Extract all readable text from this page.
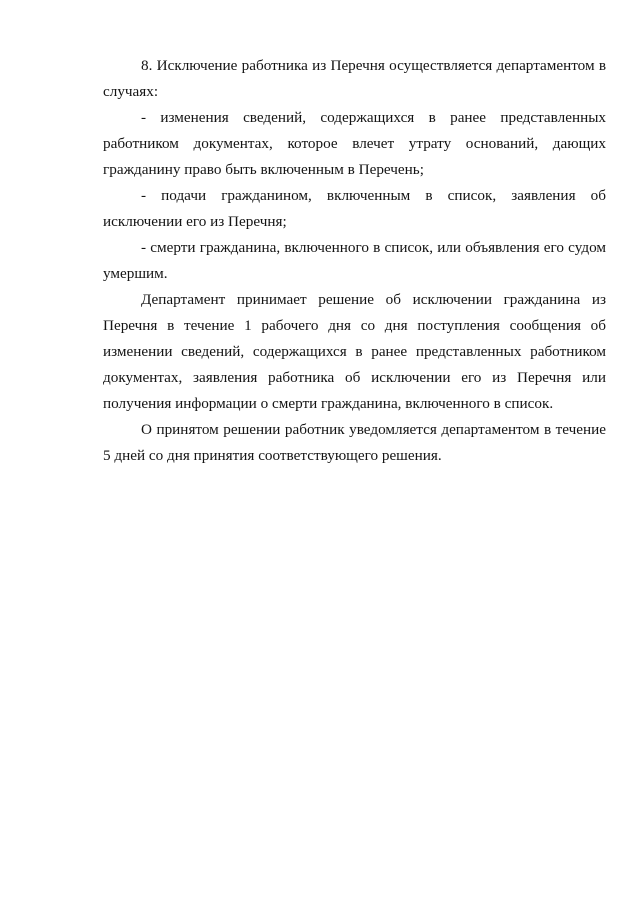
8. Исключение работника из Перечня осуществляется департаментом в случаях:

- изменения сведений, содержащихся в ранее представленных работником документах, которое влечет утрату оснований, дающих гражданину право быть включенным в Перечень;

- подачи гражданином, включенным в список, заявления об исключении его из Перечня;

- смерти гражданина, включенного в список, или объявления его судом умершим.

Департамент принимает решение об исключении гражданина из Перечня в течение 1 рабочего дня со дня поступления сообщения об изменении сведений, содержащихся в ранее представленных работником документах, заявления работника об исключении его из Перечня или получения информации о смерти гражданина, включенного в список.

О принятом решении работник уведомляется департаментом в течение 5 дней со дня принятия соответствующего решения.
